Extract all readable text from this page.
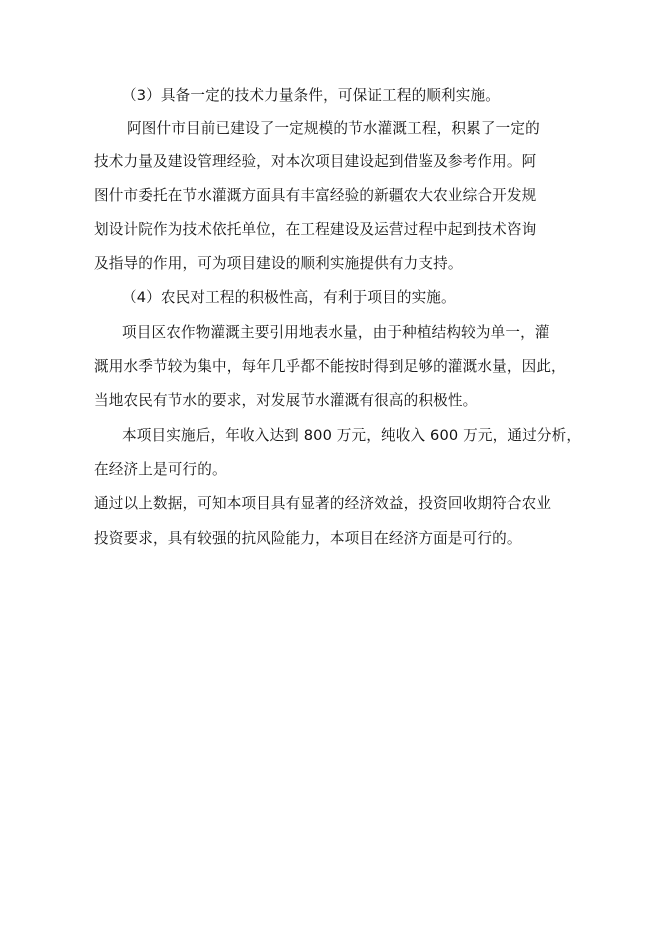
（3）具备一定的技术力量条件，可保证工程的顺利实施。
阿图什市目前已建设了一定规模的节水灌溉工程，积累了一定的
技术力量及建设管理经验，对本次项目建设起到借鉴及参考作用。阿
图什市委托在节水灌溉方面具有丰富经验的新疆农大农业综合开发规
划设计院作为技术依托单位，在工程建设及运营过程中起到技术咨询
及指导的作用，可为项目建设的顺利实施提供有力支持。
（4）农民对工程的积极性高，有利于项目的实施。
项目区农作物灌溉主要引用地表水量，由于种植结构较为单一，灌
溉用水季节较为集中，每年几乎都不能按时得到足够的灌溉水量，因此，
当地农民有节水的要求，对发展节水灌溉有很高的积极性。
本项目实施后，年收入达到 800 万元，纯收入 600 万元，通过分析，
在经济上是可行的。
通过以上数据，可知本项目具有显著的经济效益，投资回收期符合农业
投资要求，具有较强的抗风险能力，本项目在经济方面是可行的。
